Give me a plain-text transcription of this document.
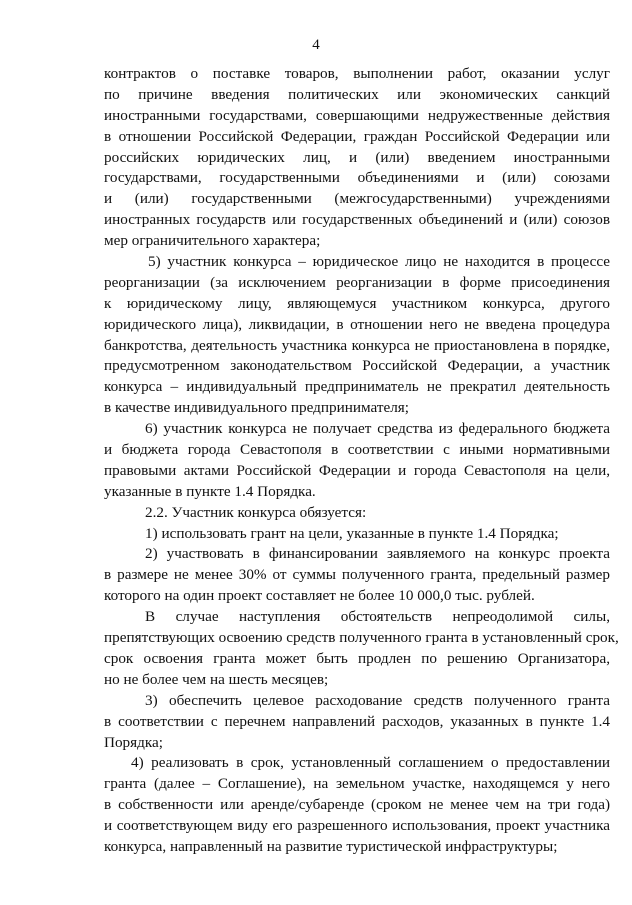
4
контрактов о поставке товаров, выполнении работ, оказании услуг
по причине введения политических или экономических санкций
иностранными государствами, совершающими недружественные действия
в отношении Российской Федерации, граждан Российской Федерации или
российских юридических лиц, и (или) введением иностранными
государствами, государственными объединениями и (или) союзами
и (или) государственными (межгосударственными) учреждениями
иностранных государств или государственных объединений и (или) союзов
мер ограничительного характера;
5) участник конкурса – юридическое лицо не находится в процессе
реорганизации (за исключением реорганизации в форме присоединения
к юридическому лицу, являющемуся участником конкурса, другого
юридического лица), ликвидации, в отношении него не введена процедура
банкротства, деятельность участника конкурса не приостановлена в порядке,
предусмотренном законодательством Российской Федерации, а участник
конкурса – индивидуальный предприниматель не прекратил деятельность
в качестве индивидуального предпринимателя;
6) участник конкурса не получает средства из федерального бюджета
и бюджета города Севастополя в соответствии с иными нормативными
правовыми актами Российской Федерации и города Севастополя на цели,
указанные в пункте 1.4 Порядка.
2.2. Участник конкурса обязуется:
1) использовать грант на цели, указанные в пункте 1.4 Порядка;
2) участвовать в финансировании заявляемого на конкурс проекта
в размере не менее 30% от суммы полученного гранта, предельный размер
которого на один проект составляет не более 10 000,0 тыс. рублей.
В случае наступления обстоятельств непреодолимой силы,
препятствующих освоению средств полученного гранта в установленный срок,
срок освоения гранта может быть продлен по решению Организатора,
но не более чем на шесть месяцев;
3) обеспечить целевое расходование средств полученного гранта
в соответствии с перечнем направлений расходов, указанных в пункте 1.4
Порядка;
4) реализовать в срок, установленный соглашением о предоставлении
гранта (далее – Соглашение), на земельном участке, находящемся у него
в собственности или аренде/субаренде (сроком не менее чем на три года)
и соответствующем виду его разрешенного использования, проект участника
конкурса, направленный на развитие туристической инфраструктуры;
